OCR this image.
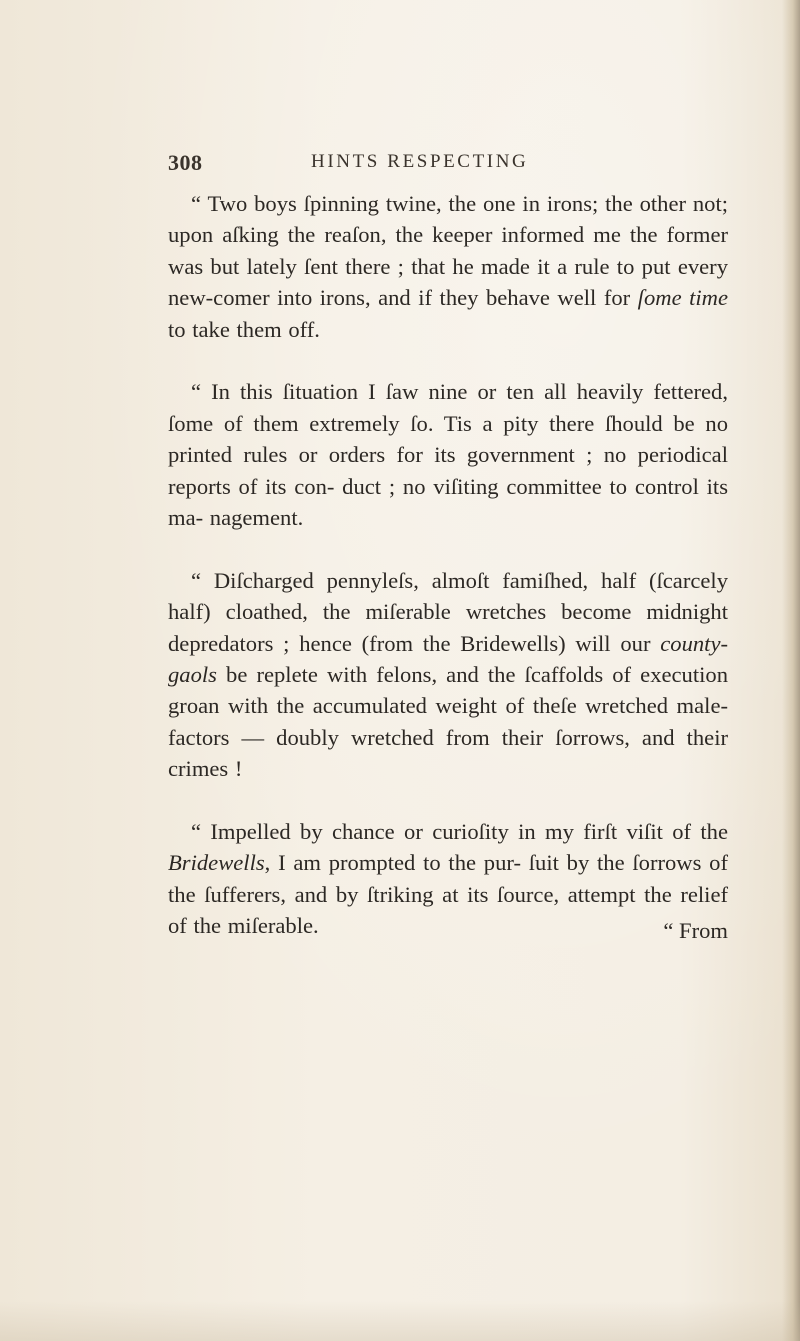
308	HINTS RESPECTING

“ Two boys ſpinning twine, the one in irons; the other not; upon aſking the reaſon, the keeper informed me the former was but lately ſent there ; that he made it a rule to put every new-comer into irons, and if they behave well for ſome time to take them off.

“ In this ſituation I ſaw nine or ten all heavily fettered, ſome of them extremely ſo. Tis a pity there ſhould be no printed rules or orders for its government ; no periodical reports of its con- duct ; no viſiting committee to control its ma- nagement.

“ Diſcharged pennyleſs, almoſt famiſhed, half (ſcarcely half) cloathed, the miſerable wretches become midnight depredators ; hence (from the Bridewells) will our county-gaols be replete with felons, and the ſcaffolds of execution groan with the accumulated weight of theſe wretched male- factors — doubly wretched from their ſorrows, and their crimes !

“ Impelled by chance or curioſity in my firſt viſit of the Bridewells, I am prompted to the pur- ſuit by the ſorrows of the ſufferers, and by ſtriking at its ſource, attempt the relief of the miſerable.	“ From
